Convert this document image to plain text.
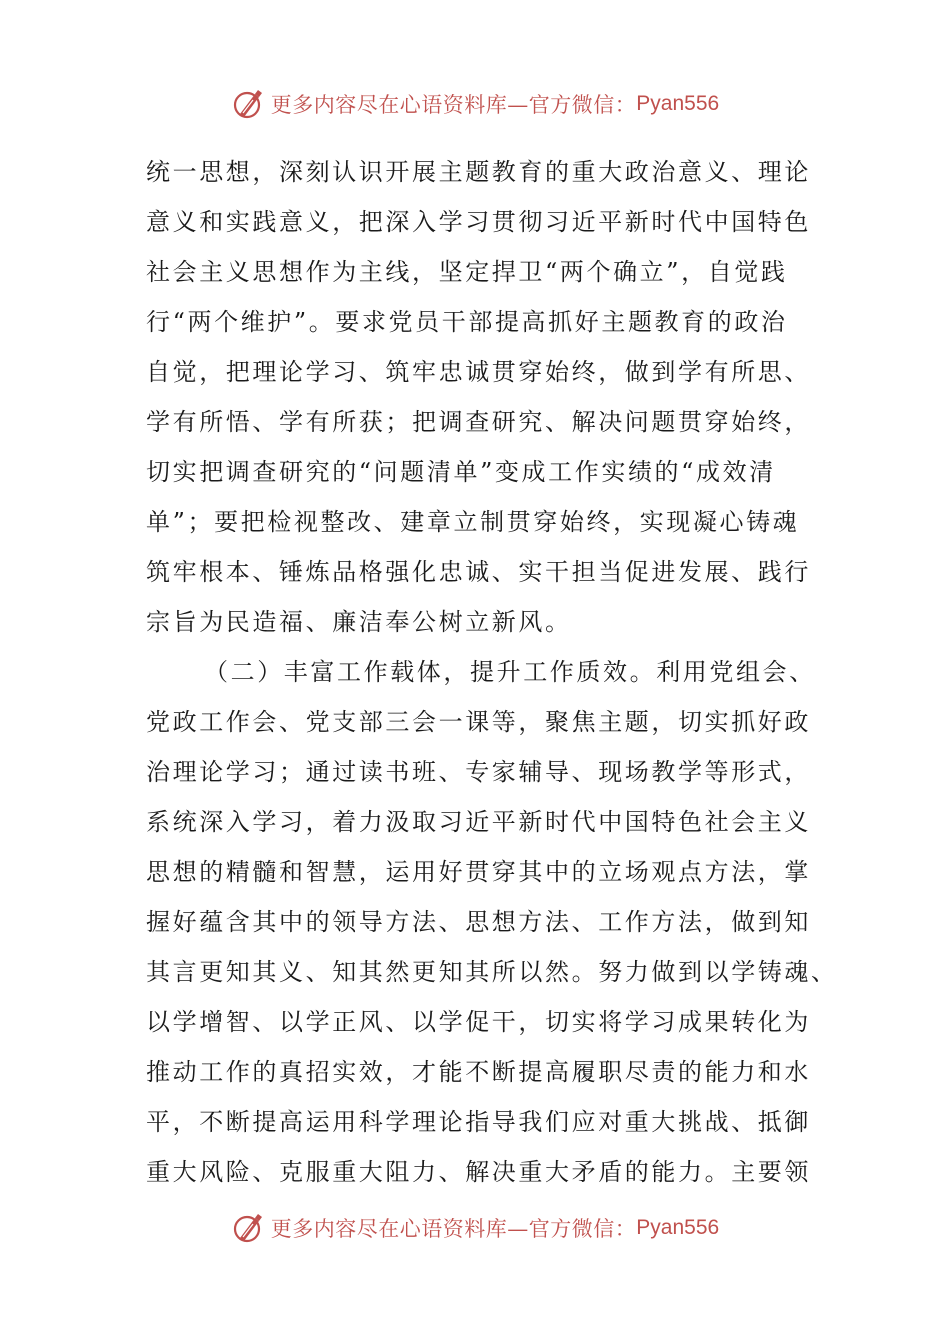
更多内容尽在心语资料库—官方微信： Pyan556
统一思想，深刻认识开展主题教育的重大政治意义、理论
意义和实践意义，把深入学习贯彻习近平新时代中国特色
社会主义思想作为主线，坚定捍卫“两个确立”，自觉践
行“两个维护”。要求党员干部提高抓好主题教育的政治
自觉，把理论学习、筑牢忠诚贯穿始终，做到学有所思、
学有所悟、学有所获；把调查研究、解决问题贯穿始终，
切实把调查研究的“问题清单”变成工作实绩的“成效清
单”；要把检视整改、建章立制贯穿始终，实现凝心铸魂
筑牢根本、锤炼品格强化忠诚、实干担当促进发展、践行
宗旨为民造福、廉洁奉公树立新风。
（二）丰富工作载体，提升工作质效。利用党组会、
党政工作会、党支部三会一课等，聚焦主题，切实抓好政
治理论学习；通过读书班、专家辅导、现场教学等形式，
系统深入学习，着力汲取习近平新时代中国特色社会主义
思想的精髓和智慧，运用好贯穿其中的立场观点方法，掌
握好蕴含其中的领导方法、思想方法、工作方法，做到知
其言更知其义、知其然更知其所以然。努力做到以学铸魂、
以学增智、以学正风、以学促干，切实将学习成果转化为
推动工作的真招实效，才能不断提高履职尽责的能力和水
平，不断提高运用科学理论指导我们应对重大挑战、抵御
重大风险、克服重大阻力、解决重大矛盾的能力。主要领
更多内容尽在心语资料库—官方微信： Pyan556
